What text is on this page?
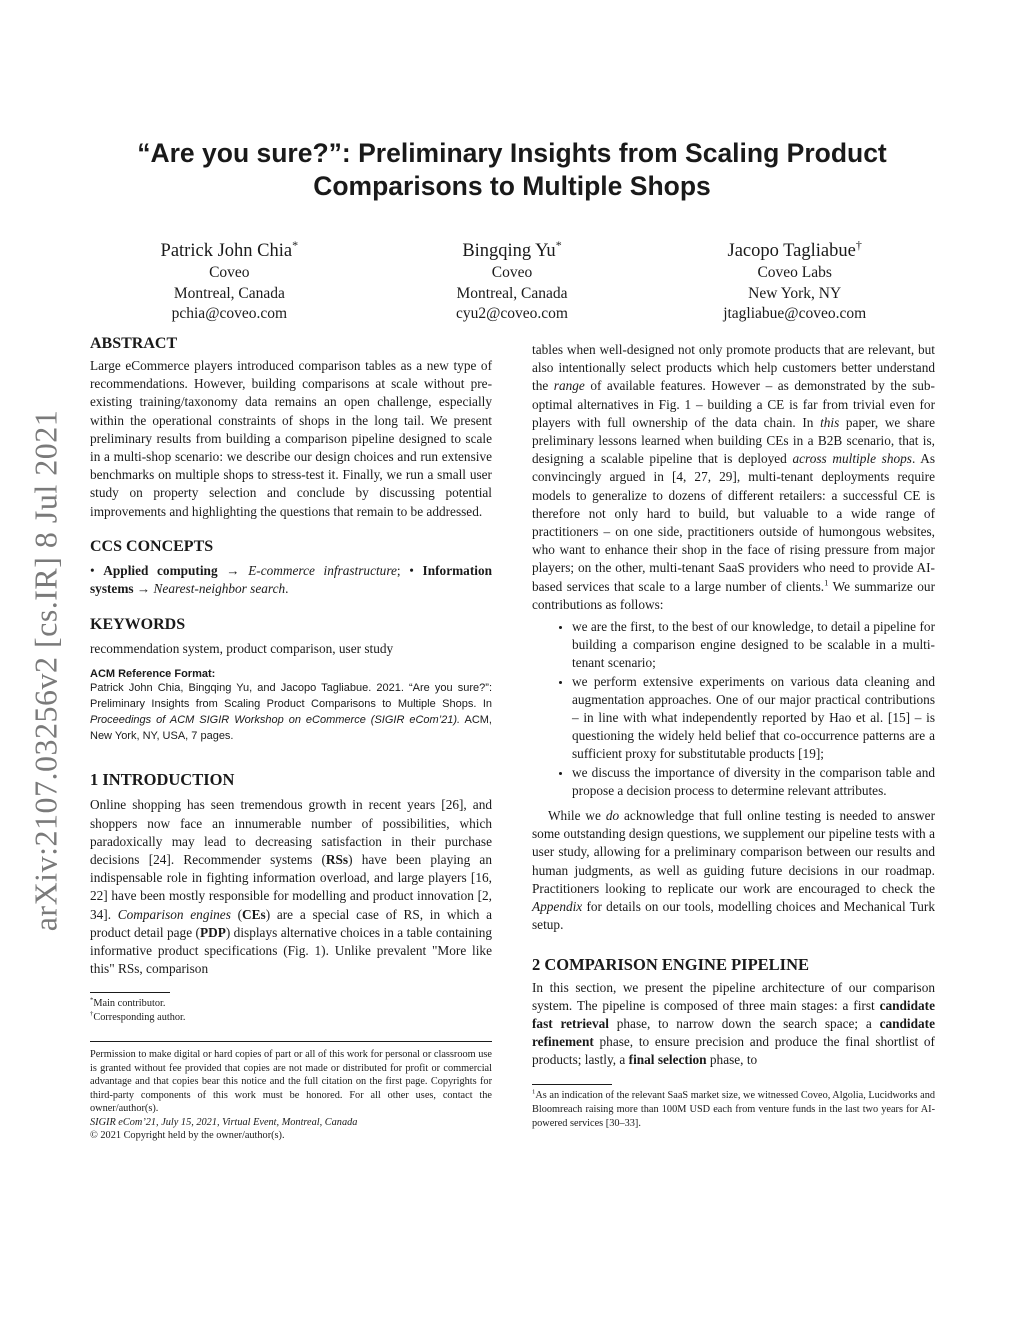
arXiv:2107.03256v2 [cs.IR] 8 Jul 2021
“Are you sure?”: Preliminary Insights from Scaling Product
Comparisons to Multiple Shops
Patrick John Chia*
Coveo
Montreal, Canada
pchia@coveo.com
Bingqing Yu*
Coveo
Montreal, Canada
cyu2@coveo.com
Jacopo Tagliabue†
Coveo Labs
New York, NY
jtagliabue@coveo.com
ABSTRACT

Large eCommerce players introduced comparison tables as a new type of recommendations. However, building comparisons at scale without pre-existing training/taxonomy data remains an open challenge, especially within the operational constraints of shops in the long tail. We present preliminary results from building a comparison pipeline designed to scale in a multi-shop scenario: we describe our design choices and run extensive benchmarks on multiple shops to stress-test it. Finally, we run a small user study on property selection and conclude by discussing potential improvements and highlighting the questions that remain to be addressed.

CCS CONCEPTS

• Applied computing → E-commerce infrastructure; • Information systems → Nearest-neighbor search.

KEYWORDS

recommendation system, product comparison, user study

ACM Reference Format:

Patrick John Chia, Bingqing Yu, and Jacopo Tagliabue. 2021. “Are you sure?”: Preliminary Insights from Scaling Product Comparisons to Multiple Shops. In Proceedings of ACM SIGIR Workshop on eCommerce (SIGIR eCom’21). ACM, New York, NY, USA, 7 pages.

1 INTRODUCTION

Online shopping has seen tremendous growth in recent years [26], and shoppers now face an innumerable number of possibilities, which paradoxically may lead to decreasing satisfaction in their purchase decisions [24]. Recommender systems (RSs) have been playing an indispensable role in fighting information overload, and large players [16, 22] have been mostly responsible for modelling and product innovation [2, 34]. Comparison engines (CEs) are a special case of RS, in which a product detail page (PDP) displays alternative choices in a table containing informative product specifications (Fig. 1). Unlike prevalent "More like this" RSs, comparison

*Main contributor.

†Corresponding author.

Permission to make digital or hard copies of part or all of this work for personal or classroom use is granted without fee provided that copies are not made or distributed for profit or commercial advantage and that copies bear this notice and the full citation on the first page. Copyrights for third-party components of this work must be honored. For all other uses, contact the owner/author(s).

SIGIR eCom’21, July 15, 2021, Virtual Event, Montreal, Canada

© 2021 Copyright held by the owner/author(s).

tables when well-designed not only promote products that are relevant, but also intentionally select products which help customers better understand the range of available features. However – as demonstrated by the sub-optimal alternatives in Fig. 1 – building a CE is far from trivial even for players with full ownership of the data chain. In this paper, we share preliminary lessons learned when building CEs in a B2B scenario, that is, designing a scalable pipeline that is deployed across multiple shops. As convincingly argued in [4, 27, 29], multi-tenant deployments require models to generalize to dozens of different retailers: a successful CE is therefore not only hard to build, but valuable to a wide range of practitioners – on one side, practitioners outside of humongous websites, who want to enhance their shop in the face of rising pressure from major players; on the other, multi-tenant SaaS providers who need to provide AI-based services that scale to a large number of clients.$^1$ We summarize our contributions as follows:

• we are the first, to the best of our knowledge, to detail a pipeline for building a comparison engine designed to be scalable in a multi-tenant scenario;
• we perform extensive experiments on various data cleaning and augmentation approaches. One of our major practical contributions – in line with what independently reported by Hao et al. [15] – is questioning the widely held belief that co-occurrence patterns are a sufficient proxy for substitutable products [19];
• we discuss the importance of diversity in the comparison table and propose a decision process to determine relevant attributes.

While we do acknowledge that full online testing is needed to answer some outstanding design questions, we supplement our pipeline tests with a user study, allowing for a preliminary comparison between our results and human judgments, as well as guiding future decisions in our roadmap. Practitioners looking to replicate our work are encouraged to check the Appendix for details on our tools, modelling choices and Mechanical Turk setup.

2 COMPARISON ENGINE PIPELINE

In this section, we present the pipeline architecture of our comparison system. The pipeline is composed of three main stages: a first candidate fast retrieval phase, to narrow down the search space; a candidate refinement phase, to ensure precision and produce the final shortlist of products; lastly, a final selection phase, to

$^1$As an indication of the relevant SaaS market size, we witnessed Coveo, Algolia, Lucidworks and Bloomreach raising more than 100M USD each from venture funds in the last two years for AI-powered services [30–33].
